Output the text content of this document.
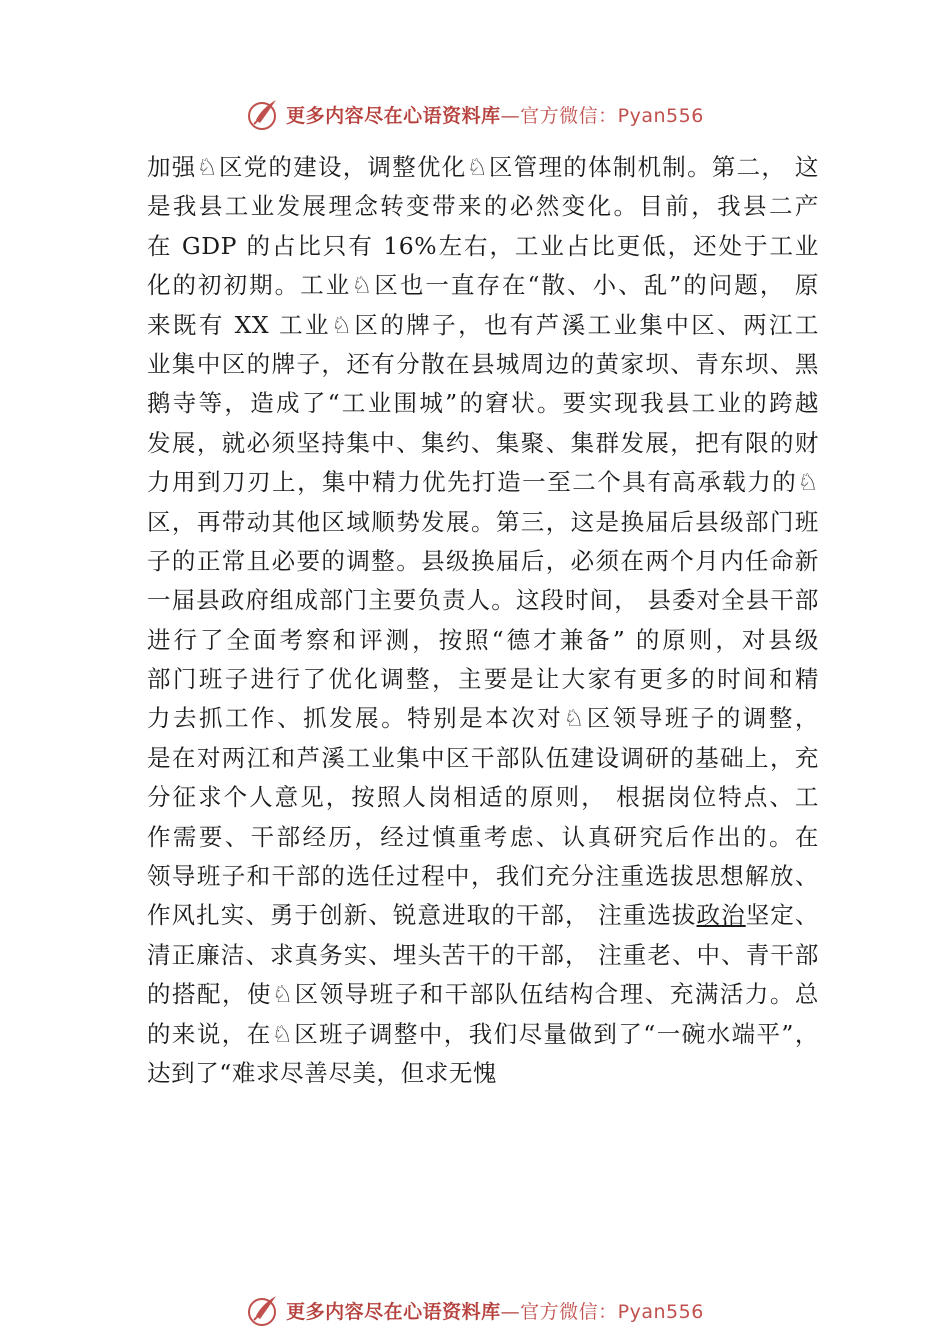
更多内容尽在心语资料库—官方微信：Pyan556
加强♘区党的建设，调整优化♘区管理的体制机制。第二， 这
是我县工业发展理念转变带来的必然变化。目前，我县二产
在 GDP 的占比只有 16%左右，工业占比更低，还处于工业
化的初初期。工业♘区也一直存在“散、小、乱”的问题， 原
来既有 XX 工业♘区的牌子，也有芦溪工业集中区、两江工
业集中区的牌子，还有分散在县城周边的黄家坝、青东坝、黑
鹅寺等，造成了“工业围城”的窘状。要实现我县工业的跨越
发展，就必须坚持集中、集约、集聚、集群发展，把有限的财
力用到刀刃上，集中精力优先打造一至二个具有高承载力的♘
区，再带动其他区域顺势发展。第三，这是换届后县级部门班
子的正常且必要的调整。县级换届后，必须在两个月内任命新
一届县政府组成部门主要负责人。这段时间， 县委对全县干部
进行了全面考察和评测，按照“德才兼备” 的原则，对县级
部门班子进行了优化调整，主要是让大家有更多的时间和精
力去抓工作、抓发展。特别是本次对♘区领导班子的调整，
是在对两江和芦溪工业集中区干部队伍建设调研的基础上，充
分征求个人意见，按照人岗相适的原则， 根据岗位特点、工
作需要、干部经历，经过慎重考虑、认真研究后作出的。在
领导班子和干部的选任过程中，我们充分注重选拔思想解放、
作风扎实、勇于创新、锐意进取的干部， 注重选拔政治坚定、
清正廉洁、求真务实、埋头苦干的干部， 注重老、中、青干部
的搭配，使♘区领导班子和干部队伍结构合理、充满活力。总
的来说，在♘区班子调整中，我们尽量做到了“一碗水端平”，
达到了“难求尽善尽美，但求无愧
更多内容尽在心语资料库—官方微信：Pyan556
